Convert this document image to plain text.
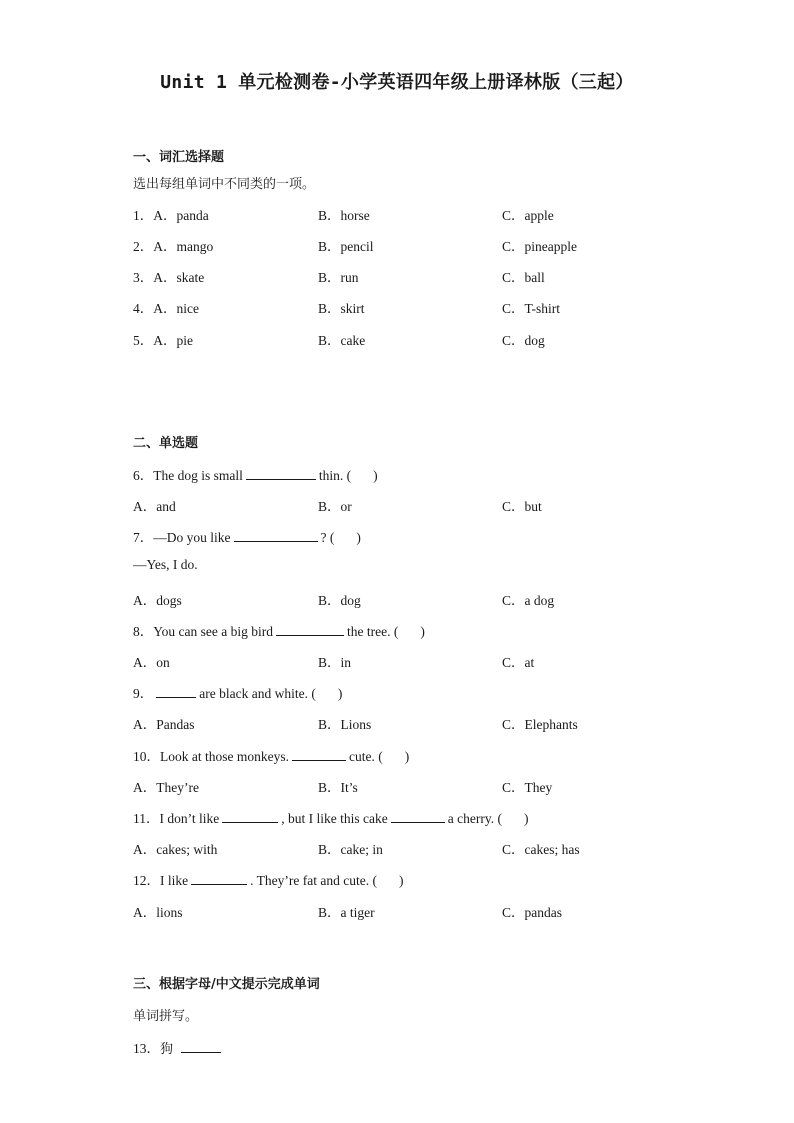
Unit 1 单元检测卷-小学英语四年级上册译林版（三起）
一、词汇选择题
选出每组单词中不同类的一项。
1．A．panda	B．horse	C．apple
2．A．mango	B．pencil	C．pineapple
3．A．skate	B．run	C．ball
4．A．nice	B．skirt	C．T-shirt
5．A．pie	B．cake	C．dog
二、单选题
6．The dog is small	thin. ( )
A．and	B．or	C．but
7．—Do you like	? ( )
—Yes, I do.
A．dogs	B．dog	C．a dog
8．You can see a big bird	the tree. ( )
A．on	B．in	C．at
9．	are black and white. ( )
A．Pandas	B．Lions	C．Elephants
10．Look at those monkeys.	cute. ( )
A．They’re	B．It’s	C．They
11．I don’t like	, but I like this cake	a cherry. ( )
A．cakes; with	B．cake; in	C．cakes; has
12．I like	. They’re fat and cute. ( )
A．lions	B．a tiger	C．pandas
三、根据字母/中文提示完成单词
单词拼写。
13．狗
